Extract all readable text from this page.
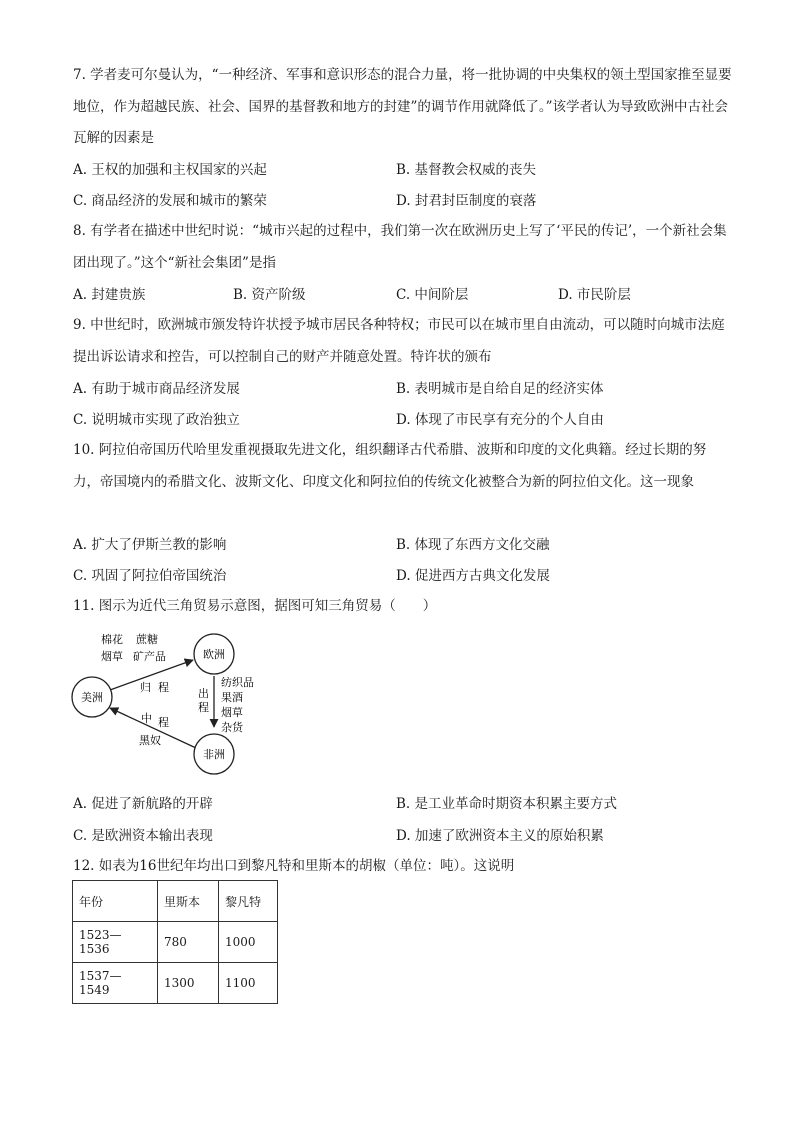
7. 学者麦可尔曼认为，“一种经济、军事和意识形态的混合力量，将一批协调的中央集权的领土型国家推至显要地位，作为超越民族、社会、国界的基督教和地方的封建”的调节作用就降低了。”该学者认为导致欧洲中古社会瓦解的因素是
A. 王权的加强和主权国家的兴起	B. 基督教会权威的丧失
C. 商品经济的发展和城市的繁荣	D. 封君封臣制度的衰落
8. 有学者在描述中世纪时说：“城市兴起的过程中，我们第一次在欧洲历史上写了‘平民的传记’，一个新社会集团出现了。”这个“新社会集团”是指
A. 封建贵族	B. 资产阶级	C. 中间阶层	D. 市民阶层
9. 中世纪时，欧洲城市颁发特许状授予城市居民各种特权；市民可以在城市里自由流动，可以随时向城市法庭提出诉讼请求和控告，可以控制自己的财产并随意处置。特许状的颁布
A. 有助于城市商品经济发展	B. 表明城市是自给自足的经济实体
C. 说明城市实现了政治独立	D. 体现了市民享有充分的个人自由
10. 阿拉伯帝国历代哈里发重视摄取先进文化，组织翻译古代希腊、波斯和印度的文化典籍。经过长期的努力，帝国境内的希腊文化、波斯文化、印度文化和阿拉伯的传统文化被整合为新的阿拉伯文化。这一现象
A. 扩大了伊斯兰教的影响	B. 体现了东西方文化交融
C. 巩固了阿拉伯帝国统治	D. 促进西方古典文化发展
11. 图示为近代三角贸易示意图，据图可知三角贸易（　　）
欧洲
美洲
非洲
棉花
烟草
蔗糖
矿产品
归 程	出
程
纺织品
果酒
烟草
杂货
中 程
黑奴
A. 促进了新航路的开辟	B. 是工业革命时期资本积累主要方式
C. 是欧洲资本输出表现	D. 加速了欧洲资本主义的原始积累
12. 如表为16世纪年均出口到黎凡特和里斯本的胡椒（单位：吨）。这说明
年份	里斯本	黎凡特
1523—1536	780	1000
1537—1549	1300	1100
